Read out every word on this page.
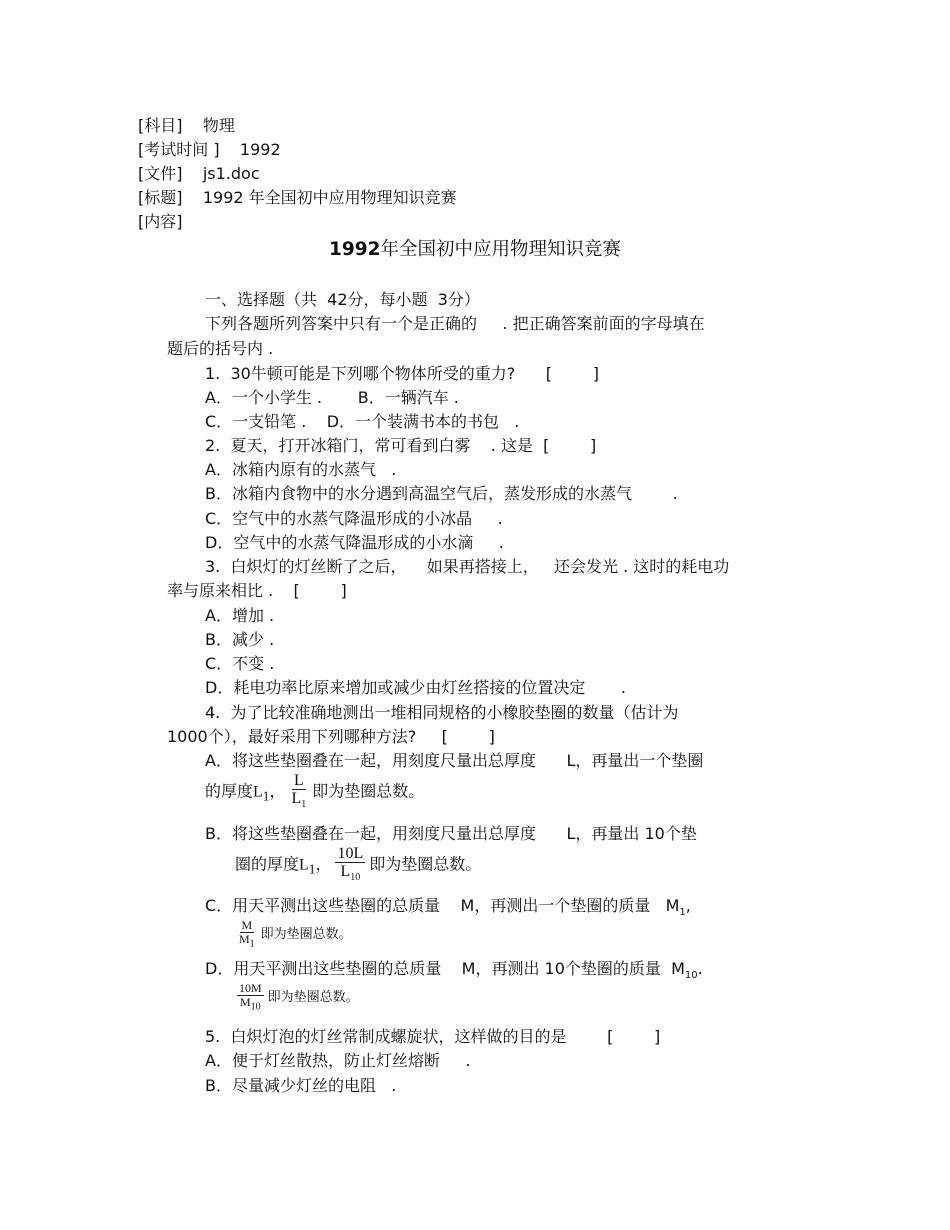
[科目]    物理
[考试时间 ]    1992
[文件]    js1.doc
[标题]    1992 年全国初中应用物理知识竞赛
[内容]
1992年全国初中应用物理知识竞赛
一、选择题（共  42分，每小题  3分）
下列各题所列答案中只有一个是正确的     . 把正确答案前面的字母填在
题后的括号内 .
1.  30牛顿可能是下列哪个物体所受的重力?      [        ]
A．一个小学生 .       B．一辆汽车 .
C．一支铅笔 .    D．一个装满书本的书包   .
2.  夏天，打开冰箱门，常可看到白雾    . 这是  [        ]
A．冰箱内原有的水蒸气   .
B．冰箱内食物中的水分遇到高温空气后，蒸发形成的水蒸气        .
C．空气中的水蒸气降温形成的小冰晶     .
D．空气中的水蒸气降温形成的小水滴     .
3.  白炽灯的灯丝断了之后，    如果再搭接上，   还会发光 . 这时的耗电功
率与原来相比 .    [        ]
A．增加 .
B．减少 .
C．不变 .
D．耗电功率比原来增加或减少由灯丝搭接的位置决定       .
4.  为了比较准确地测出一堆相同规格的小橡胶垫圈的数量（估计为
1000个），最好采用下列哪种方法?     [        ]
A．将这些垫圈叠在一起，用刻度尺量出总厚度      L，再量出一个垫圈
的厚度$L_1$， $\frac{L}{L_1}$ 即为垫圈总数。
B．将这些垫圈叠在一起，用刻度尺量出总厚度      L，再量出 10个垫
圈的厚度$L_1$， $\frac{10L}{L_{10}}$ 即为垫圈总数。
C．用天平测出这些垫圈的总质量    M，再测出一个垫圈的质量   $M_1$,
$\frac{M}{M_1}$ 即为垫圈总数。
D．用天平测出这些垫圈的总质量    M，再测出 10个垫圈的质量  $M_{10}$.
$\frac{10M}{M_{10}}$ 即为垫圈总数。
5.  白炽灯泡的灯丝常制成螺旋状，这样做的目的是        [        ]
A．便于灯丝散热，防止灯丝熔断     .
B．尽量减少灯丝的电阻   .
